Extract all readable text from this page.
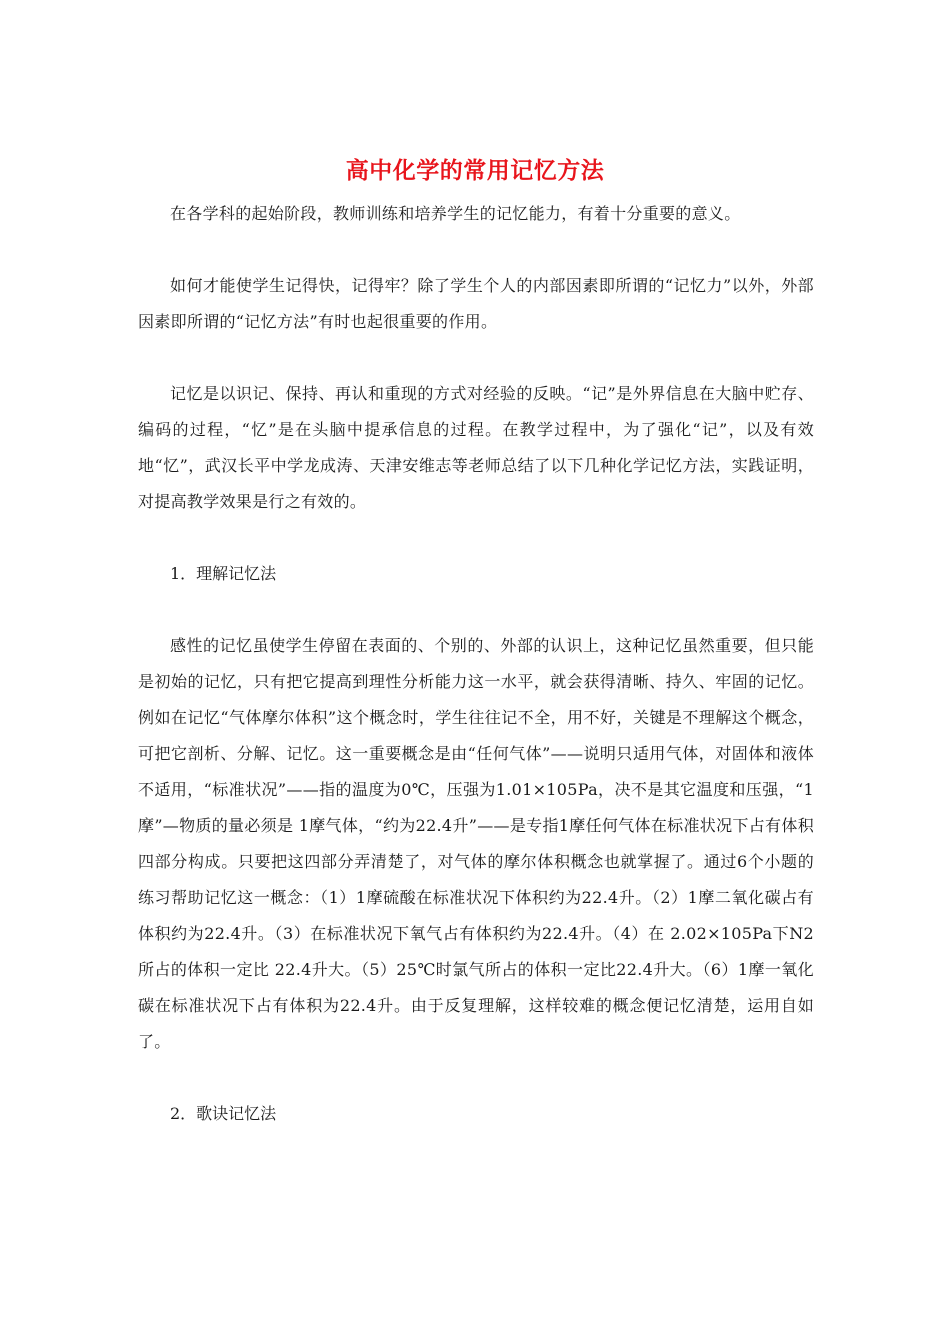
高中化学的常用记忆方法

在各学科的起始阶段，教师训练和培养学生的记忆能力，有着十分重要的意义。

如何才能使学生记得快，记得牢？除了学生个人的内部因素即所谓的“记忆力”以外，外部因素即所谓的“记忆方法”有时也起很重要的作用。

记忆是以识记、保持、再认和重现的方式对经验的反映。“记”是外界信息在大脑中贮存、编码的过程，“忆”是在头脑中提承信息的过程。在教学过程中，为了强化“记”，以及有效地“忆”，武汉长平中学龙成涛、天津安维志等老师总结了以下几种化学记忆方法，实践证明，对提高教学效果是行之有效的。

1．理解记忆法

感性的记忆虽使学生停留在表面的、个别的、外部的认识上，这种记忆虽然重要，但只能是初始的记忆，只有把它提高到理性分析能力这一水平，就会获得清晰、持久、牢固的记忆。例如在记忆“气体摩尔体积”这个概念时，学生往往记不全，用不好，关键是不理解这个概念，可把它剖析、分解、记忆。这一重要概念是由“任何气体”——说明只适用气体，对固体和液体不适用，“标准状况”——指的温度为0℃，压强为1.01×105Pa，决不是其它温度和压强，“1摩”—物质的量必须是 1摩气体，“约为22.4升”——是专指1摩任何气体在标准状况下占有体积四部分构成。只要把这四部分弄清楚了，对气体的摩尔体积概念也就掌握了。通过6个小题的练习帮助记忆这一概念：（1）1摩硫酸在标准状况下体积约为22.4升。（2）1摩二氧化碳占有体积约为22.4升。（3）在标准状况下氧气占有体积约为22.4升。（4）在 2.02×105Pa下N2所占的体积一定比 22.4升大。（5）25℃时氯气所占的体积一定比22.4升大。（6）1摩一氧化碳在标准状况下占有体积为22.4升。由于反复理解，这样较难的概念便记忆清楚，运用自如了。

2．歌诀记忆法
